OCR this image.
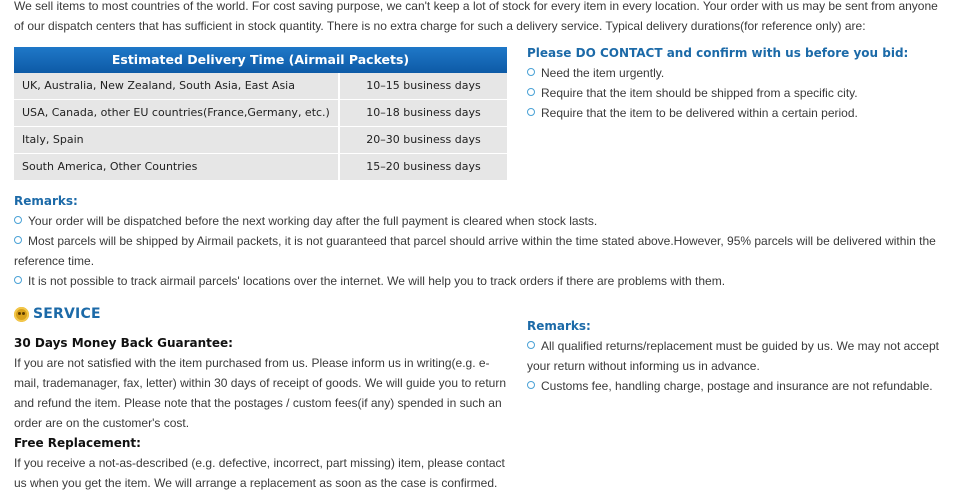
We sell items to most countries of the world. For cost saving purpose, we can't keep a lot of stock for every item in every location. Your order with us may be sent from anyone of our dispatch centers that has sufficient in stock quantity. There is no extra charge for such a delivery service. Typical delivery durations(for reference only) are:
Estimated Delivery Time (Airmail Packets)
UK, Australia, New Zealand, South Asia, East Asia	10–15 business days
USA, Canada, other EU countries(France,Germany, etc.)	10–18 business days
Italy, Spain	20–30 business days
South America, Other Countries	15–20 business days
Please DO CONTACT and confirm with us before you bid:
Need the item urgently.
Require that the item should be shipped from a specific city.
Require that the item to be delivered within a certain period.
Remarks:
Your order will be dispatched before the next working day after the full payment is cleared when stock lasts.
Most parcels will be shipped by Airmail packets, it is not guaranteed that parcel should arrive within the time stated above.However, 95% parcels will be delivered within the reference time.
It is not possible to track airmail parcels' locations over the internet. We will help you to track orders if there are problems with them.
SERVICE
30 Days Money Back Guarantee:
If you are not satisfied with the item purchased from us. Please inform us in writing(e.g. e-mail, trademanager, fax, letter) within 30 days of receipt of goods. We will guide you to return and refund the item. Please note that the postages / custom fees(if any) spended in such an order are on the customer's cost.
Free Replacement:
If you receive a not-as-described (e.g. defective, incorrect, part missing) item, please contact us when you get the item. We will arrange a replacement as soon as the case is confirmed.
Remarks:
All qualified returns/replacement must be guided by us. We may not accept your return without informing us in advance.
Customs fee, handling charge, postage and insurance are not refundable.
